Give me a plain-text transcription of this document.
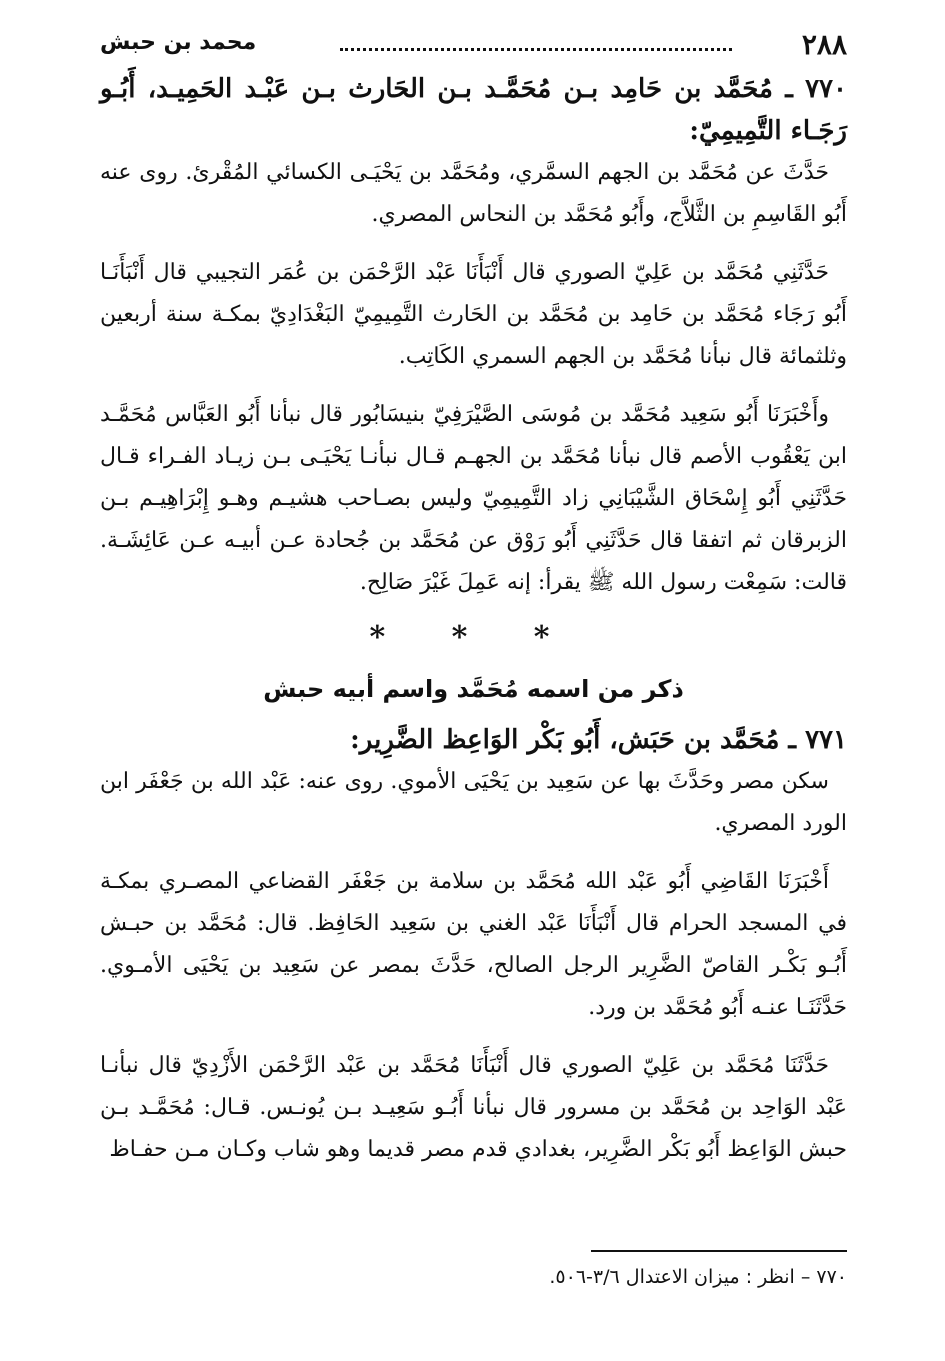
٢٨٨
محمد بن حبش

٧٧٠ ـ مُحَمَّد بن حَامِد بـن مُحَمَّـد بـن الحَارث بـن عَبْـد الحَمِيـد، أَبُـو رَجَـاء التَّمِيمِيّ:

حَدَّثَ عن مُحَمَّد بن الجهم السمَّري، ومُحَمَّد بن يَحْيَـى الكسائي المُقْرئ. روى عنه أَبُو القَاسِمِ بن الثَّلاَّج، وأَبُو مُحَمَّد بن النحاس المصري.

حَدَّثَنِي مُحَمَّد بن عَلِيّ الصوري قال أَنْبَأَنَا عَبْد الرَّحْمَن بن عُمَر التجيبي قال أَنْبَأَنَـا أَبُو رَجَاء مُحَمَّد بن حَامِد بن مُحَمَّد بن الحَارث التَّمِيمِيّ البَغْدَادِيّ بمكـة سنة أربعين وثلثمائة قال نبأنا مُحَمَّد بن الجهم السمري الكَاتِب.

وأَخْبَرَنَا أَبُو سَعِيد مُحَمَّد بن مُوسَى الصَّيْرَفِيّ بنيسَابُور قال نبأنا أَبُو العَبَّاس مُحَمَّـد ابن يَعْقُوب الأصم قال نبأنا مُحَمَّد بن الجهـم قـال نبأنـا يَحْيَـى بـن زيـاد الفـراء قـال حَدَّثَنِي أَبُو إِسْحَاق الشَّيْبَانِي زاد التَّمِيمِيّ وليس بصـاحب هشيـم وهـو إِبْرَاهِيـم بـن الزبرقان ثم اتفقا قال حَدَّثَنِي أَبُو رَوْق عن مُحَمَّد بن جُحادة عـن أبيـه عـن عَائِشَـة. قالت: سَمِعْت رسول الله ﷺ يقرأ: إنه عَمِلَ غَيْرَ صَالِح.

* * *
ذكر من اسمه مُحَمَّد واسم أبيه حبش

٧٧١ ـ مُحَمَّد بن حَبَش، أَبُو بَكْر الوَاعِظ الضَّرِير:

سكن مصر وحَدَّثَ بها عن سَعِيد بن يَحْيَى الأموي. روى عنه: عَبْد الله بن جَعْفَر ابن الورد المصري.

أَخْبَرَنَا القَاضِي أَبُو عَبْد الله مُحَمَّد بن سلامة بن جَعْفَر القضاعي المصـري بمكـة في المسجد الحرام قال أَنْبَأَنَا عَبْد الغني بن سَعِيد الحَافِظ. قال: مُحَمَّد بن حبـش أَبُـو بَكْـر القاصّ الضَّرِير الرجل الصالح، حَدَّثَ بمصر عن سَعِيد بن يَحْيَى الأمـوي. حَدَّثَنَـا عنـه أَبُو مُحَمَّد بن ورد.

حَدَّثَنَا مُحَمَّد بن عَلِيّ الصوري قال أَنْبَأَنَا مُحَمَّد بن عَبْد الرَّحْمَن الأَزْدِيّ قال نبأنـا عَبْد الوَاحِد بن مُحَمَّد بن مسرور قال نبأنا أَبُـو سَعِيـد بـن يُونـس. قـال: مُحَمَّـد بـن حبش الوَاعِظ أَبُو بَكْر الضَّرِير، بغدادي قدم مصر قديما وهو شاب وكـان مـن حفـاظ

٧٧٠ – انظر : ميزان الاعتدال ٣/٦-٥٠٦.
